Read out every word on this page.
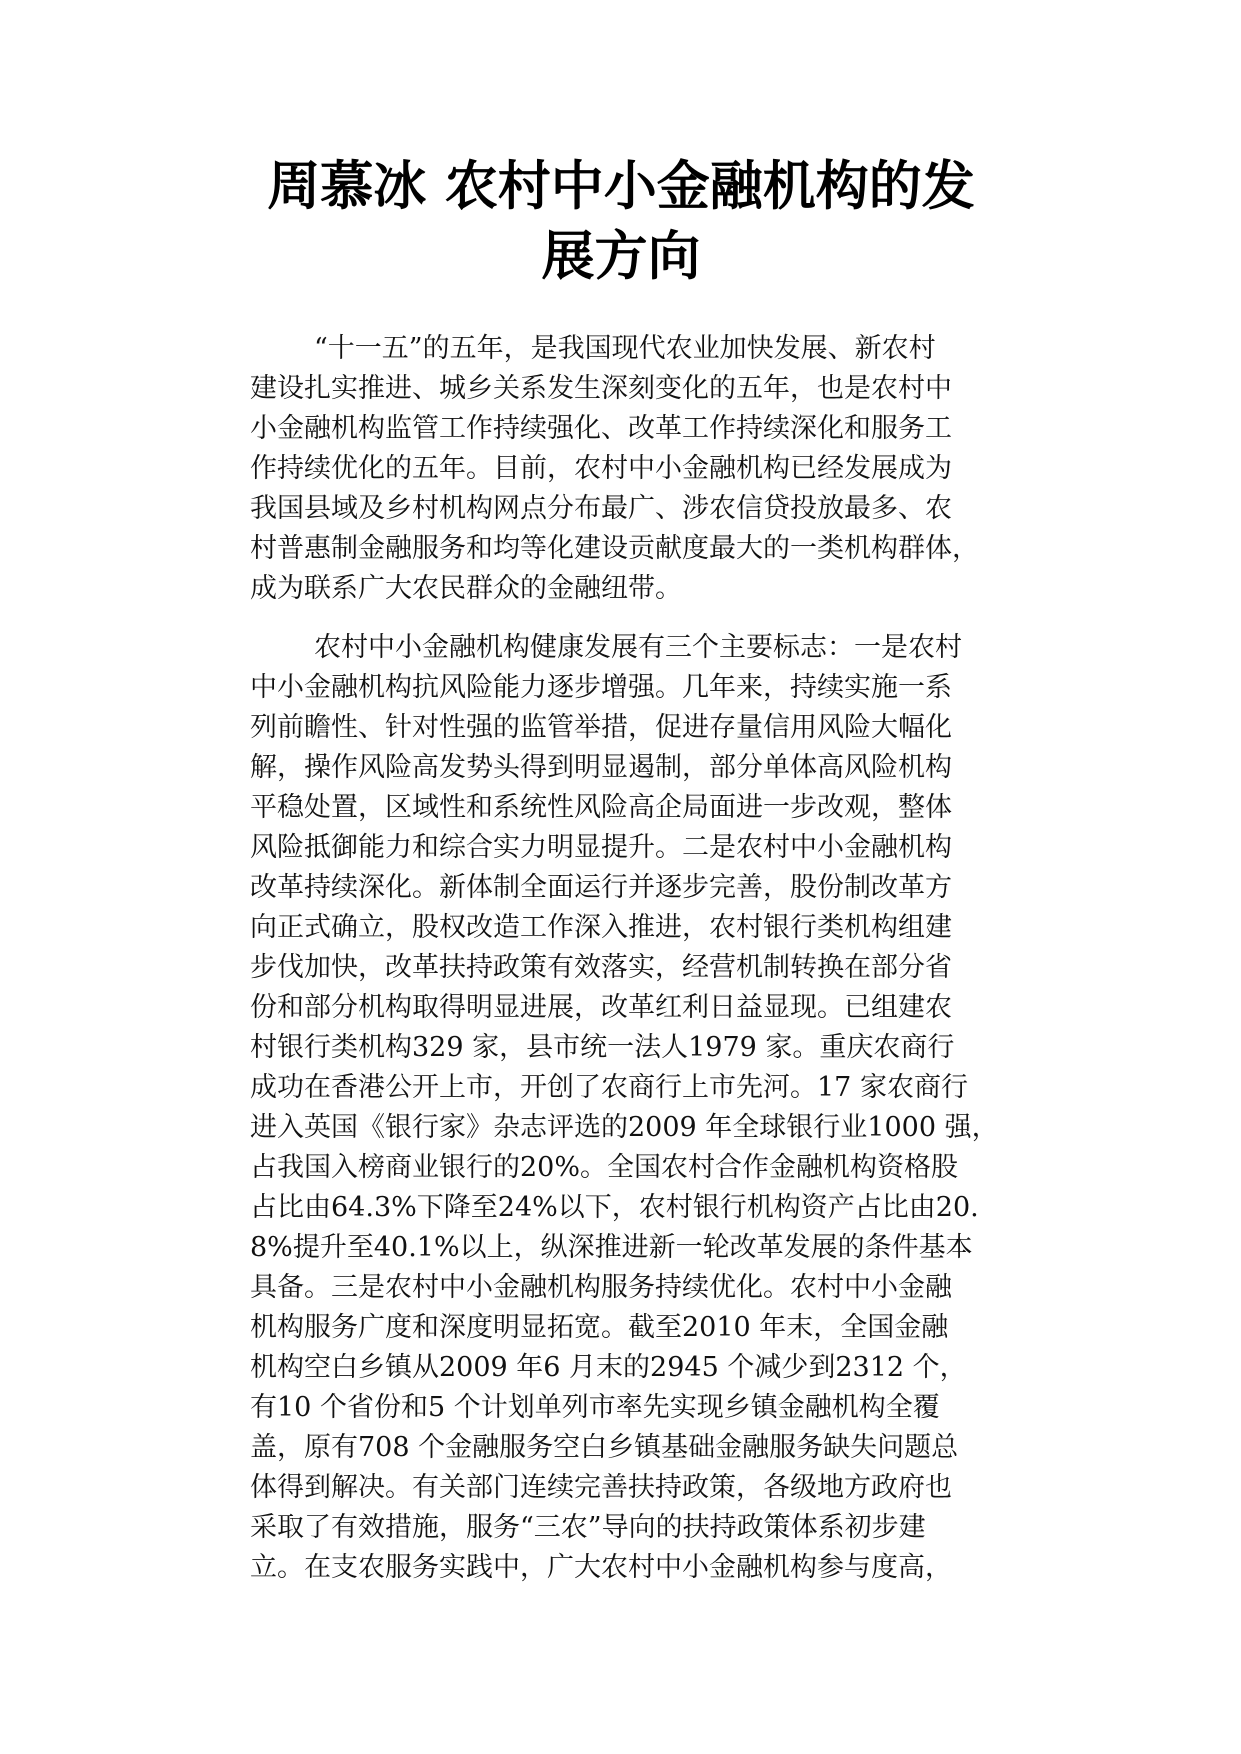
周慕冰 农村中小金融机构的发
展方向
“十一五”的五年，是我国现代农业加快发展、新农村
建设扎实推进、城乡关系发生深刻变化的五年，也是农村中
小金融机构监管工作持续强化、改革工作持续深化和服务工
作持续优化的五年。目前，农村中小金融机构已经发展成为
我国县域及乡村机构网点分布最广、涉农信贷投放最多、农
村普惠制金融服务和均等化建设贡献度最大的一类机构群体，
成为联系广大农民群众的金融纽带。
农村中小金融机构健康发展有三个主要标志：一是农村
中小金融机构抗风险能力逐步增强。几年来，持续实施一系
列前瞻性、针对性强的监管举措，促进存量信用风险大幅化
解，操作风险高发势头得到明显遏制，部分单体高风险机构
平稳处置，区域性和系统性风险高企局面进一步改观，整体
风险抵御能力和综合实力明显提升。二是农村中小金融机构
改革持续深化。新体制全面运行并逐步完善，股份制改革方
向正式确立，股权改造工作深入推进，农村银行类机构组建
步伐加快，改革扶持政策有效落实，经营机制转换在部分省
份和部分机构取得明显进展，改革红利日益显现。已组建农
村银行类机构329 家，县市统一法人1979 家。重庆农商行
成功在香港公开上市，开创了农商行上市先河。17 家农商行
进入英国《银行家》杂志评选的2009 年全球银行业1000 强，
占我国入榜商业银行的20%。全国农村合作金融机构资格股
占比由64.3%下降至24%以下，农村银行机构资产占比由20.
8%提升至40.1%以上，纵深推进新一轮改革发展的条件基本
具备。三是农村中小金融机构服务持续优化。农村中小金融
机构服务广度和深度明显拓宽。截至2010 年末，全国金融
机构空白乡镇从2009 年6 月末的2945 个减少到2312 个，
有10 个省份和5 个计划单列市率先实现乡镇金融机构全覆
盖，原有708 个金融服务空白乡镇基础金融服务缺失问题总
体得到解决。有关部门连续完善扶持政策，各级地方政府也
采取了有效措施，服务“三农”导向的扶持政策体系初步建
立。在支农服务实践中，广大农村中小金融机构参与度高，
